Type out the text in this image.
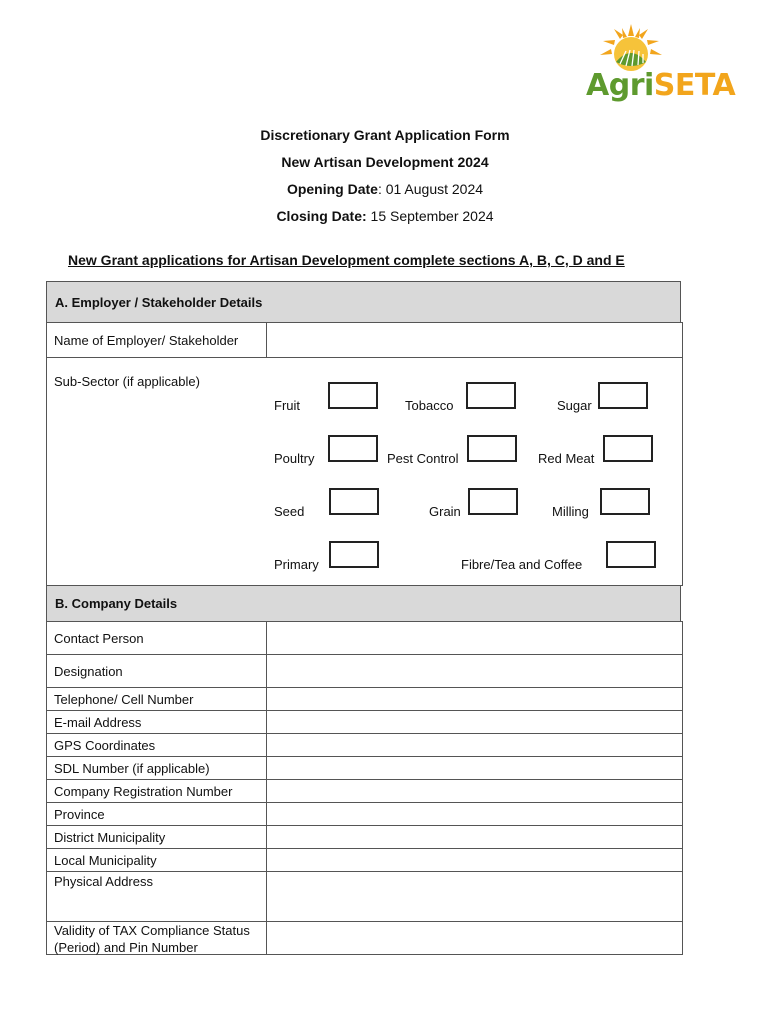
AgriSETA
Discretionary Grant Application Form
New Artisan Development 2024
Opening Date: 01 August 2024
Closing Date: 15 September 2024
New Grant applications for Artisan Development complete sections A, B, C, D and E
A. Employer / Stakeholder Details
Name of Employer/ Stakeholder
Sub-Sector (if applicable)
Fruit	Tobacco	Sugar
Poultry	Pest Control	Red Meat
Seed	Grain	Milling
Primary	Fibre/Tea and Coffee
B. Company Details
Contact Person
Designation
Telephone/ Cell Number
E-mail Address
GPS Coordinates
SDL Number (if applicable)
Company Registration Number
Province
District Municipality
Local Municipality
Physical Address
Validity of TAX Compliance Status (Period) and Pin Number
